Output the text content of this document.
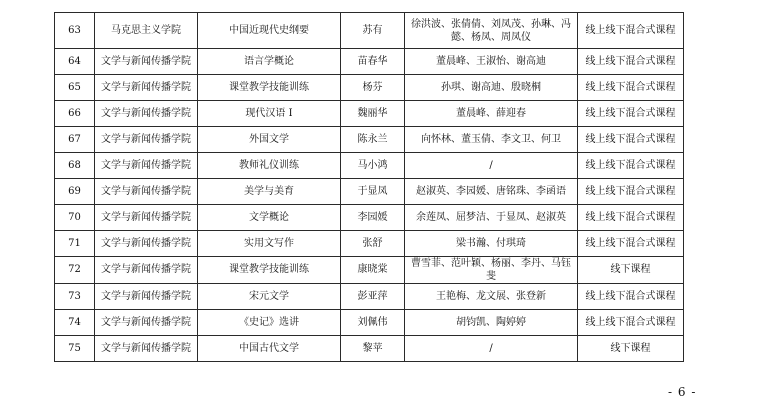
63	马克思主义学院	中国近现代史纲要	苏有	徐洪波、张倩倩、刘凤茂、孙琳、冯懿、杨凤、周凤仪	线上线下混合式课程
64	文学与新闻传播学院	语言学概论	苗春华	董晨峰、王淑怡、谢高迪	线上线下混合式课程
65	文学与新闻传播学院	课堂教学技能训练	杨芬	孙琪、谢高迪、殷晓桐	线上线下混合式课程
66	文学与新闻传播学院	现代汉语 I	魏丽华	董晨峰、薛迎春	线上线下混合式课程
67	文学与新闻传播学院	外国文学	陈永兰	向怀林、董玉倩、李文卫、何卫	线上线下混合式课程
68	文学与新闻传播学院	教师礼仪训练	马小鸿	/	线上线下混合式课程
69	文学与新闻传播学院	美学与美育	于显凤	赵淑英、李园媛、唐铭珠、李函语	线上线下混合式课程
70	文学与新闻传播学院	文学概论	李园媛	余莲凤、屈梦洁、于显凤、赵淑英	线上线下混合式课程
71	文学与新闻传播学院	实用文写作	张舒	梁书瀚、付琪琦	线上线下混合式课程
72	文学与新闻传播学院	课堂教学技能训练	康晓棠	曹雪菲、范叶颖、杨丽、李丹、马钰斐	线下课程
73	文学与新闻传播学院	宋元文学	彭亚萍	王艳梅、龙文展、张登新	线上线下混合式课程
74	文学与新闻传播学院	《史记》选讲	刘佩伟	胡钧凯、陶婷婷	线上线下混合式课程
75	文学与新闻传播学院	中国古代文学	黎苹	/	线下课程
- 6 -
